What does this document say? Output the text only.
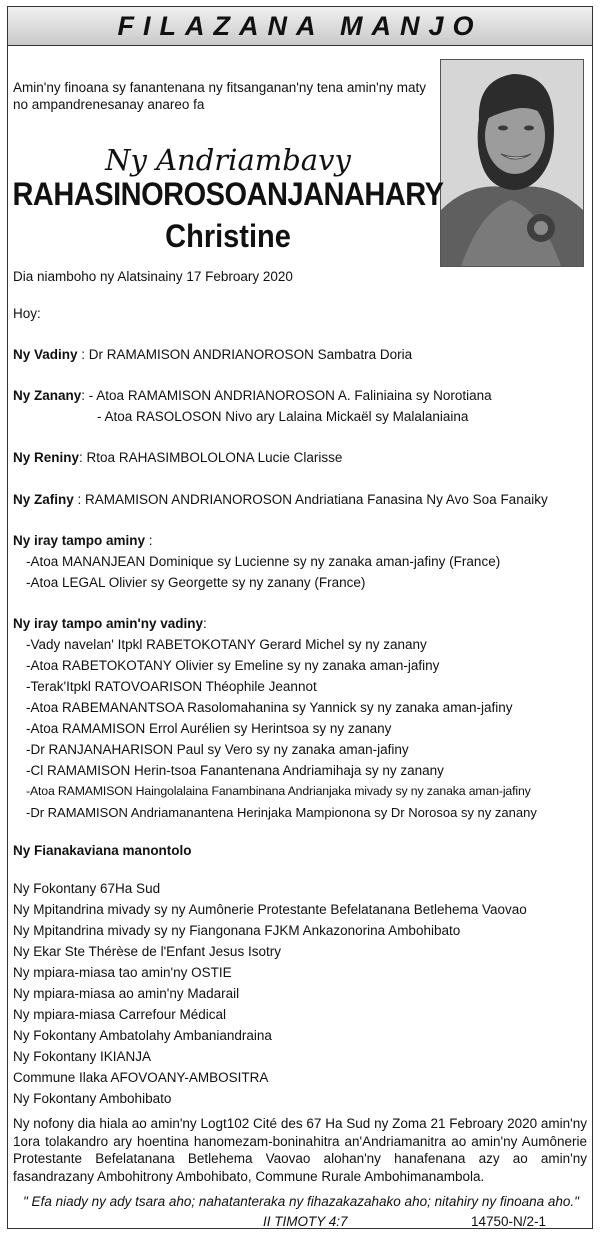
FILAZANA MANJO
Amin'ny finoana sy fanantenana ny fitsanganan'ny tena amin'ny maty no ampandrenesanay anareo fa
Ny Andriambavy
RAHASINOROSOANJANAHARY
Christine
Dia niamboho ny Alatsinainy 17 Febroary 2020
Hoy:
Ny Vadiny : Dr RAMAMISON ANDRIANOROSON Sambatra Doria
Ny Zanany: - Atoa RAMAMISON ANDRIANOROSON A. Faliniaina sy Norotiana
- Atoa RASOLOSON Nivo ary Lalaina Mickaël sy Malalaniaina
Ny Reniny: Rtoa RAHASIMBOLOLONA Lucie Clarisse
Ny Zafiny : RAMAMISON ANDRIANOROSON Andriatiana Fanasina Ny Avo Soa Fanaiky
Ny iray tampo aminy :
-Atoa MANANJEAN Dominique sy Lucienne sy ny zanaka aman-jafiny (France)
-Atoa LEGAL Olivier sy Georgette sy ny zanany (France)
Ny iray tampo amin'ny vadiny:
-Vady navelan' Itpkl RABETOKOTANY Gerard Michel sy ny zanany
-Atoa RABETOKOTANY Olivier sy Emeline sy ny zanaka aman-jafiny
-Terak'Itpkl RATOVOARISON Théophile Jeannot
-Atoa RABEMANANTSOA Rasolomahanina sy Yannick sy ny zanaka aman-jafiny
-Atoa RAMAMISON Errol Aurélien sy Herintsoa sy ny zanany
-Dr RANJANAHARISON Paul sy Vero sy ny zanaka aman-jafiny
-Cl RAMAMISON Herin-tsoa Fanantenana Andriamihaja sy ny zanany
-Atoa RAMAMISON Haingolalaina Fanambinana Andrianjaka mivady sy ny zanaka aman-jafiny
-Dr RAMAMISON Andriamanantena Herinjaka Mampionona sy Dr Norosoa sy ny zanany
Ny Fianakaviana manontolo
Ny Fokontany 67Ha Sud
Ny Mpitandrina mivady sy ny Aumônerie Protestante Befelatanana Betlehema Vaovao
Ny Mpitandrina mivady sy ny Fiangonana FJKM Ankazonorina Ambohibato
Ny Ekar Ste Thérèse de l'Enfant Jesus Isotry
Ny mpiara-miasa tao amin'ny OSTIE
Ny mpiara-miasa ao amin'ny Madarail
Ny mpiara-miasa Carrefour Médical
Ny Fokontany Ambatolahy Ambaniandraina
Ny Fokontany IKIANJA
Commune Ilaka AFOVOANY-AMBOSITRA
Ny Fokontany Ambohibato
Ny nofony dia hiala ao amin'ny Logt102 Cité des 67 Ha Sud ny Zoma 21 Febroary 2020 amin'ny 1ora tolakandro ary hoentina hanomezam-boninahitra an'Andriamanitra ao amin'ny Aumônerie Protestante Befelatanana Betlehema Vaovao alohan'ny hanafenana azy ao amin'ny fasandrazany Ambohitrony Ambohibato, Commune Rurale Ambohimanambola.
" Efa niady ny ady tsara aho; nahatanteraka ny fihazakazahako aho; nitahiry ny finoana aho."
II TIMOTY 4:7	14750-N/2-1
